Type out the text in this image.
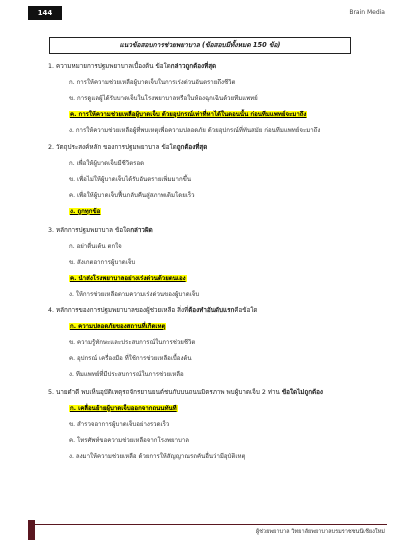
144	Brain Media
แนวข้อสอบการช่วยพยาบาล (ข้อสอบมีทั้งหมด 150 ข้อ)
1. ความหมายการปฐมพยาบาลเบื้องต้น ข้อใดกล่าวถูกต้องที่สุด
ก. การให้ความช่วยเหลือผู้บาดเจ็บในการเร่งด่วนอันตรายถึงชีวิต
ข. การดูแลผู้ได้รับบาดเจ็บในโรงพยาบาลหรือในห้องฉุกเฉินด้วยทีมแพทย์
ค. การให้ความช่วยเหลือผู้บาดเจ็บ ด้วยอุปกรณ์เท่าที่หาได้ในตอนนั้น ก่อนทีมแพทย์จะมาถึง
ง. การให้ความช่วยเหลือผู้ที่พบเหตุเพื่อความปลอดภัย ด้วยอุปกรณ์ที่ทันสมัย ก่อนทีมแพทย์จะมาถึง
2. วัตถุประสงค์หลัก ของการปฐมพยาบาล ข้อใดถูกต้องที่สุด
ก. เพื่อให้ผู้บาดเจ็บมีชีวิตรอด
ข. เพื่อไม่ให้ผู้บาดเจ็บได้รับอันตรายเพิ่มมากขึ้น
ค. เพื่อให้ผู้บาดเจ็บฟื้นกลับคืนสู่สภาพเดิมโดยเร็ว
ง. ถูกทุกข้อ
3. หลักการปฐมพยาบาล ข้อใดกล่าวผิด
ก. อย่าตื่นเต้น ตกใจ
ข. สังเกตอาการผู้บาดเจ็บ
ค. นำส่งโรงพยาบาลอย่างเร่งด่วนด้วยตนเอง
ง. ให้การช่วยเหลือตามความเร่งด่วนของผู้บาดเจ็บ
4. หลักการของการปฐมพยาบาลของผู้ช่วยเหลือ สิ่งที่ต้องทำอันดับแรกคือข้อใด
ก. ความปลอดภัยของสถานที่เกิดเหตุ
ข. ความรู้ทักษะและประสบการณ์ในการช่วยชีวิต
ค. อุปกรณ์ เครื่องมือ ที่ใช้การช่วยเหลือเบื้องต้น
ง. ทีมแพทย์ที่มีประสบการณ์ในการช่วยเหลือ
5. นายดำดี พบเห็นอุบัติเหตุรถจักรยานยนต์ชนกับบนถนนมิตรภาพ พบผู้บาดเจ็บ 2 ท่าน ข้อใดไม่ถูกต้อง
ก. เคลื่อนย้ายผู้บาดเจ็บออกจากถนนทันที
ข. สำรวจอาการผู้บาดเจ็บอย่างรวดเร็ว
ค. โทรศัพท์ขอความช่วยเหลือจากโรงพยาบาล
ง. ลงมาให้ความช่วยเหลือ ด้วยการให้สัญญาณรถคันอื่นว่ามีอุบัติเหตุ
ผู้ช่วยพยาบาล วิทยาลัยพยาบาลบรมราชชนนีเชียงใหม่
